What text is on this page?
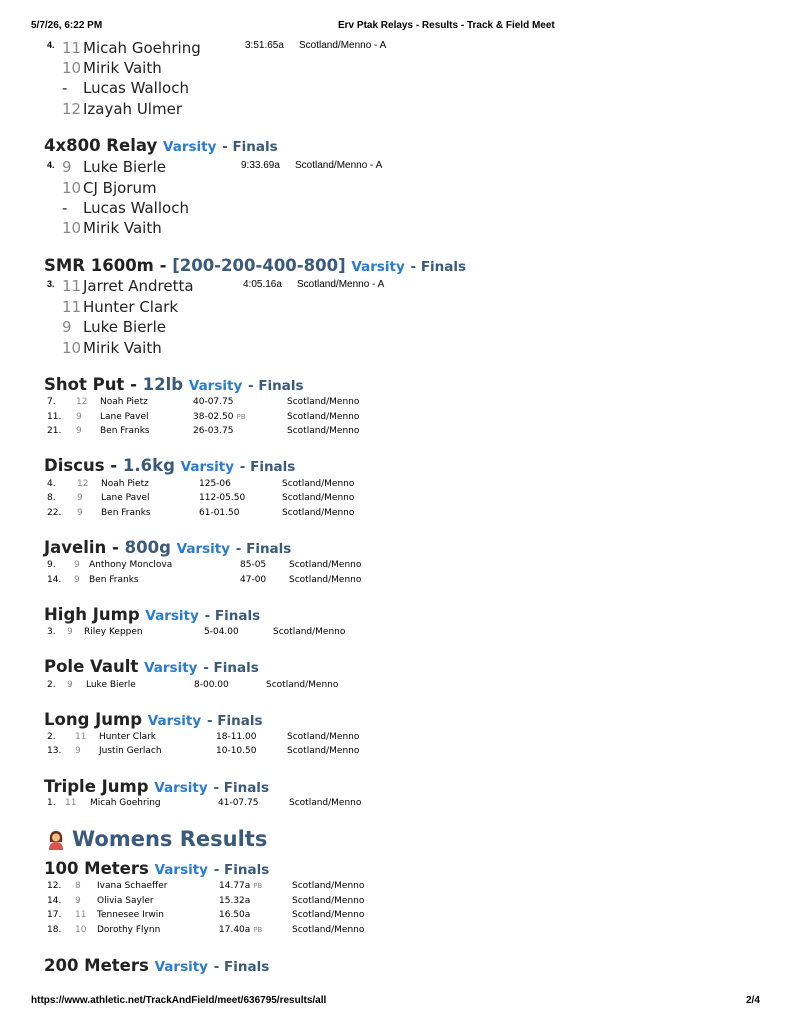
5/7/26, 6:22 PM	Erv Ptak Relays - Results - Track & Field Meet
https://www.athletic.net/TrackAndField/meet/636795/results/all	2/4
4.	3:51.65a Scotland/Menno - A
11 Micah Goehring
10 Mirik Vaith
- Lucas Walloch
12 Izayah Ulmer
4x800 Relay Varsity - Finals
4.	9:33.69a Scotland/Menno - A
9 Luke Bierle
10 CJ Bjorum
- Lucas Walloch
10 Mirik Vaith
SMR 1600m - [200-200-400-800] Varsity - Finals
3.	4:05.16a Scotland/Menno - A
11 Jarret Andretta
11 Hunter Clark
9 Luke Bierle
10 Mirik Vaith
Shot Put - 12lb Varsity - Finals
7. 12 Noah Pietz	40-07.75	Scotland/Menno
11. 9 Lane Pavel	38-02.50 PB	Scotland/Menno
21. 9 Ben Franks	26-03.75	Scotland/Menno
Discus - 1.6kg Varsity - Finals
4. 12 Noah Pietz	125-06	Scotland/Menno
8. 9 Lane Pavel	112-05.50	Scotland/Menno
22. 9 Ben Franks	61-01.50	Scotland/Menno
Javelin - 800g Varsity - Finals
9. 9 Anthony Monclova	85-05	Scotland/Menno
14. 9 Ben Franks	47-00	Scotland/Menno
High Jump Varsity - Finals
3. 9 Riley Keppen	5-04.00	Scotland/Menno
Pole Vault Varsity - Finals
2. 9 Luke Bierle	8-00.00	Scotland/Menno
Long Jump Varsity - Finals
2. 11 Hunter Clark	18-11.00	Scotland/Menno
13. 9 Justin Gerlach	10-10.50	Scotland/Menno
Triple Jump Varsity - Finals
1. 11 Micah Goehring	41-07.75	Scotland/Menno
Womens Results
100 Meters Varsity - Finals
12. 8 Ivana Schaeffer	14.77a PB	Scotland/Menno
14. 9 Olivia Sayler	15.32a	Scotland/Menno
17. 11 Tennesee Irwin	16.50a	Scotland/Menno
18. 10 Dorothy Flynn	17.40a PB	Scotland/Menno
200 Meters Varsity - Finals
